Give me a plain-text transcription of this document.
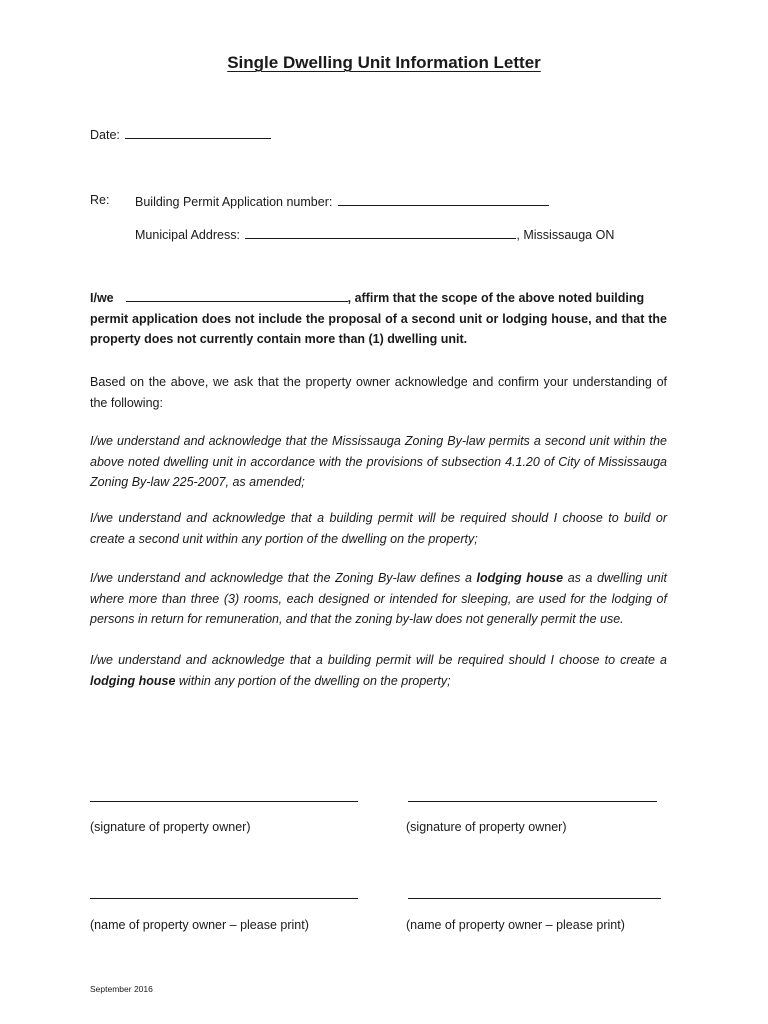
Single Dwelling Unit Information Letter
Date:
Re: Building Permit Application number:
Municipal Address:	, Mississauga ON
I/we	, affirm that the scope of the above noted building
permit application does not include the proposal of a second unit or lodging house, and that the
property does not currently contain more than (1) dwelling unit.
Based on the above, we ask that the property owner acknowledge and confirm your understanding of
the following:
I/we understand and acknowledge that the Mississauga Zoning By-law permits a second unit within the
above noted dwelling unit in accordance with the provisions of subsection 4.1.20 of City of Mississauga
Zoning By-law 225-2007, as amended;
I/we understand and acknowledge that a building permit will be required should I choose to build or
create a second unit within any portion of the dwelling on the property;
I/we understand and acknowledge that the Zoning By-law defines a lodging house as a dwelling unit
where more than three (3) rooms, each designed or intended for sleeping, are used for the lodging of
persons in return for remuneration, and that the zoning by-law does not generally permit the use.
I/we understand and acknowledge that a building permit will be required should I choose to create a
lodging house within any portion of the dwelling on the property;
(signature of property owner)	(signature of property owner)
(name of property owner – please print)	(name of property owner – please print)
September 2016
